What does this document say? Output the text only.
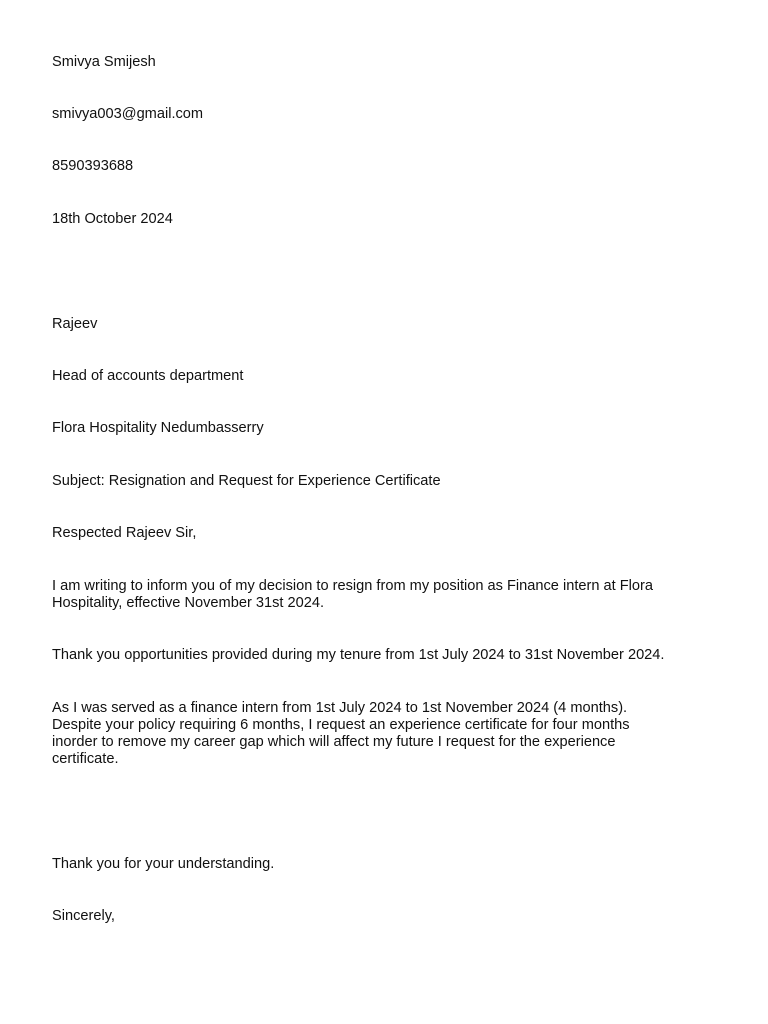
Smivya Smijesh

smivya003@gmail.com

8590393688

18th October 2024

Rajeev

Head of accounts department

Flora Hospitality Nedumbasserry

Subject: Resignation and Request for Experience Certificate

Respected Rajeev Sir,

I am writing to inform you of my decision to resign from my position as Finance intern at Flora Hospitality, effective November 31st 2024.

Thank you opportunities provided during my tenure from 1st July 2024 to 31st November 2024.

As I was served as a finance intern from 1st July 2024 to 1st November 2024 (4 months). Despite your policy requiring 6 months, I request an experience certificate for four months inorder to remove my career gap which will affect my future I request for the experience certificate.

Thank you for your understanding.

Sincerely,
